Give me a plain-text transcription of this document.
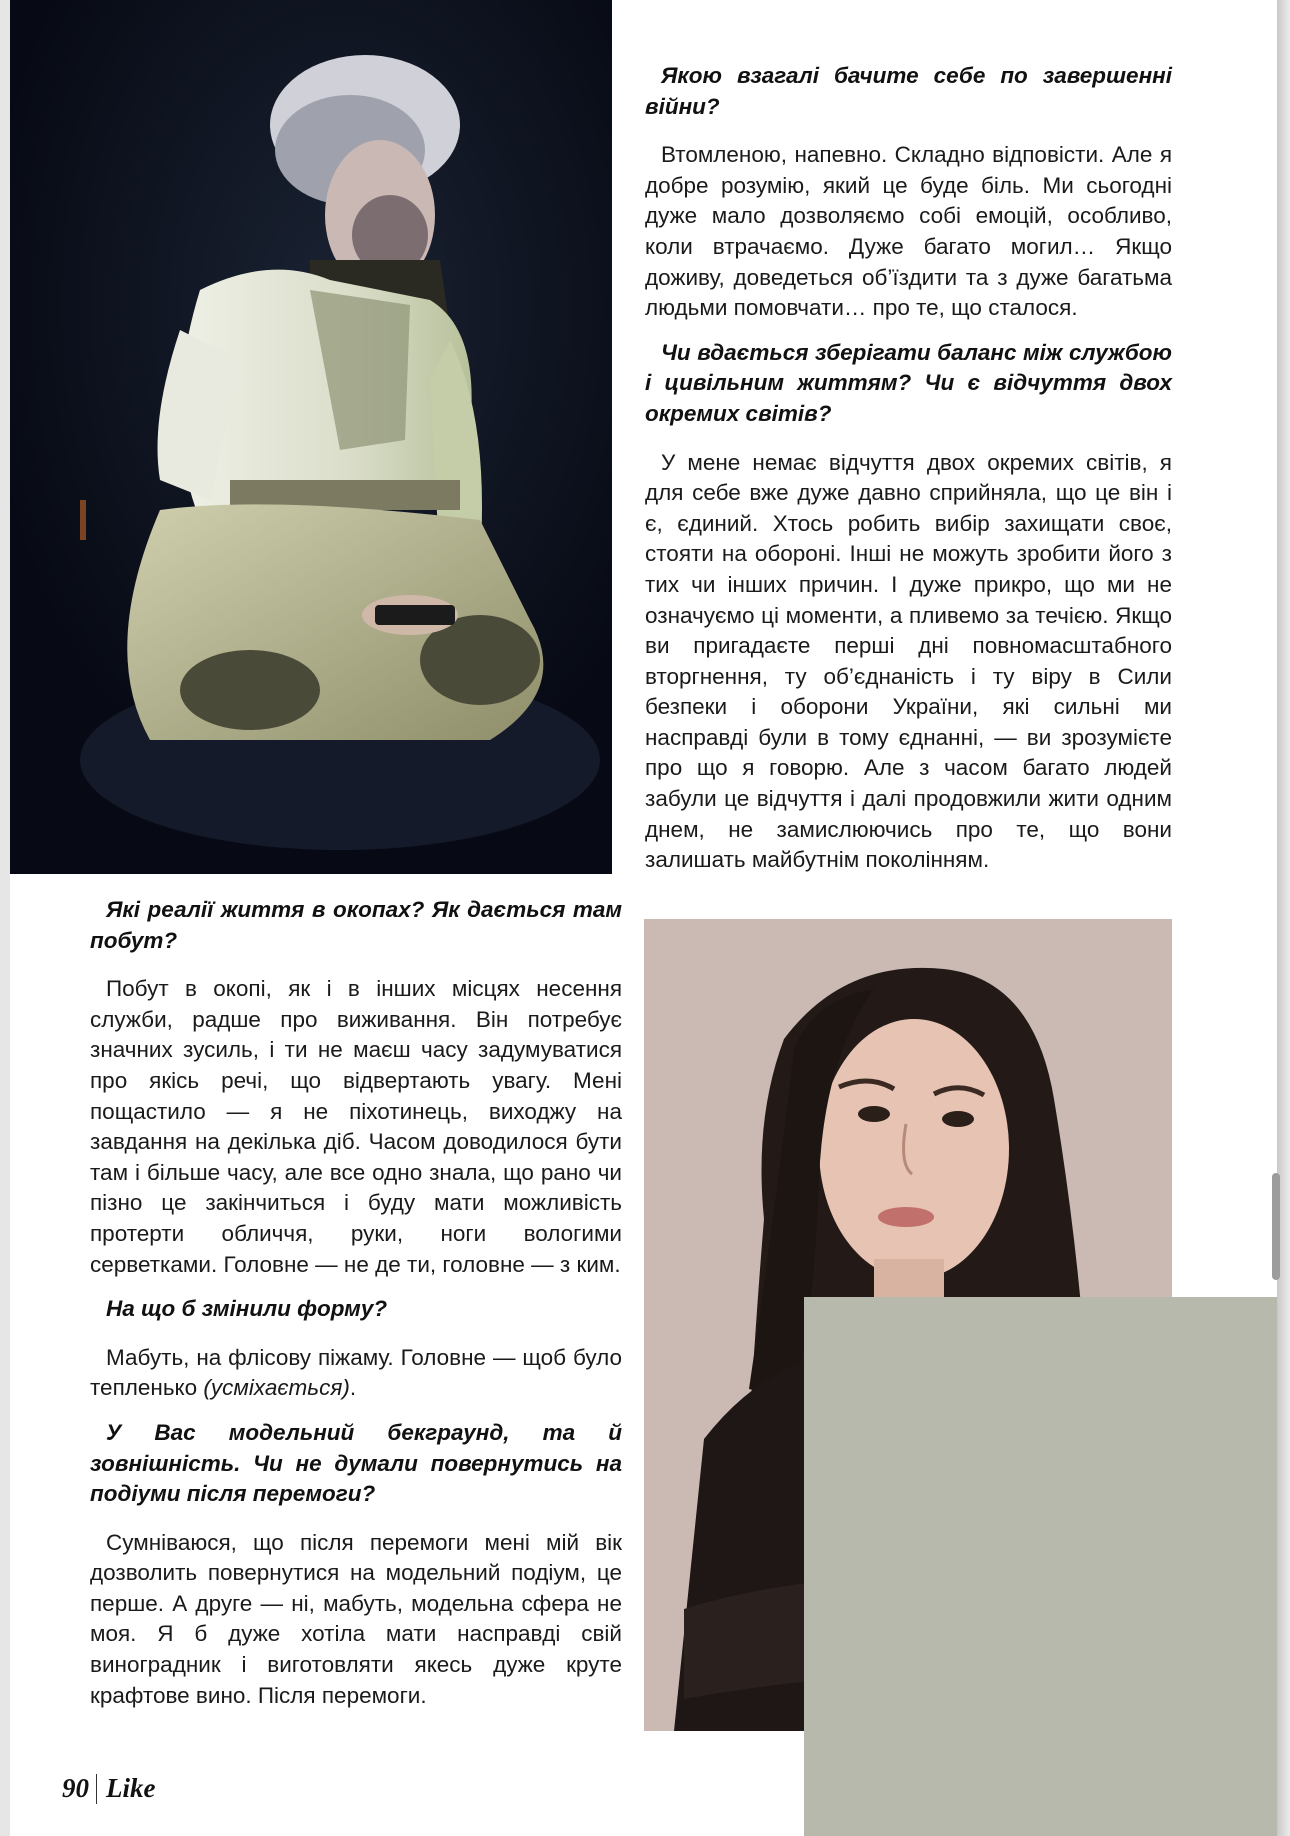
Якою взагалі бачите себе по завершенні війни?

Втомленою, напевно. Складно відповісти. Але я добре розумію, який це буде біль. Ми сьогодні дуже мало дозволяємо собі емоцій, особливо, коли втрачаємо. Дуже багато могил… Якщо доживу, доведеться об’їздити та з дуже багатьма людьми помовчати… про те, що сталося.

Чи вдається зберігати баланс між службою і цивільним життям? Чи є відчуття двох окремих світів?

У мене немає відчуття двох окремих світів, я для себе вже дуже давно сприйняла, що це він і є, єдиний. Хтось робить вибір захищати своє, стояти на обороні. Інші не можуть зробити його з тих чи інших причин. І дуже прикро, що ми не означуємо ці моменти, а пливемо за течією. Якщо ви пригадаєте перші дні повномасштабного вторгнення, ту об’єднаність і ту віру в Сили безпеки і оборони України, які сильні ми насправді були в тому єднанні, — ви зрозумієте про що я говорю. Але з часом багато людей забули це відчуття і далі продовжили жити одним днем, не замислюючись про те, що вони залишать майбутнім поколінням.

Які реалії життя в окопах? Як дається там побут?

Побут в окопі, як і в інших місцях несення служби, радше про виживання. Він потребує значних зусиль, і ти не маєш часу задумуватися про якісь речі, що відвертають увагу. Мені пощастило — я не піхотинець, виходжу на завдання на декілька діб. Часом доводилося бути там і більше часу, але все одно знала, що рано чи пізно це закінчиться і буду мати можливість протерти обличчя, руки, ноги вологими серветками. Головне — не де ти, головне — з ким.

На що б змінили форму?

Мабуть, на флісову піжаму. Головне — щоб було тепленько (усміхається).

У Вас модельний бекграунд, та й зовнішність. Чи не думали повернутись на подіуми після перемоги?

Сумніваюся, що після перемоги мені мій вік дозволить повернутися на модельний подіум, це перше. А друге — ні, мабуть, модельна сфера не моя. Я б дуже хотіла мати насправді свій виноградник і виготовляти якесь дуже круте крафтове вино. Після перемоги.

90 Like
